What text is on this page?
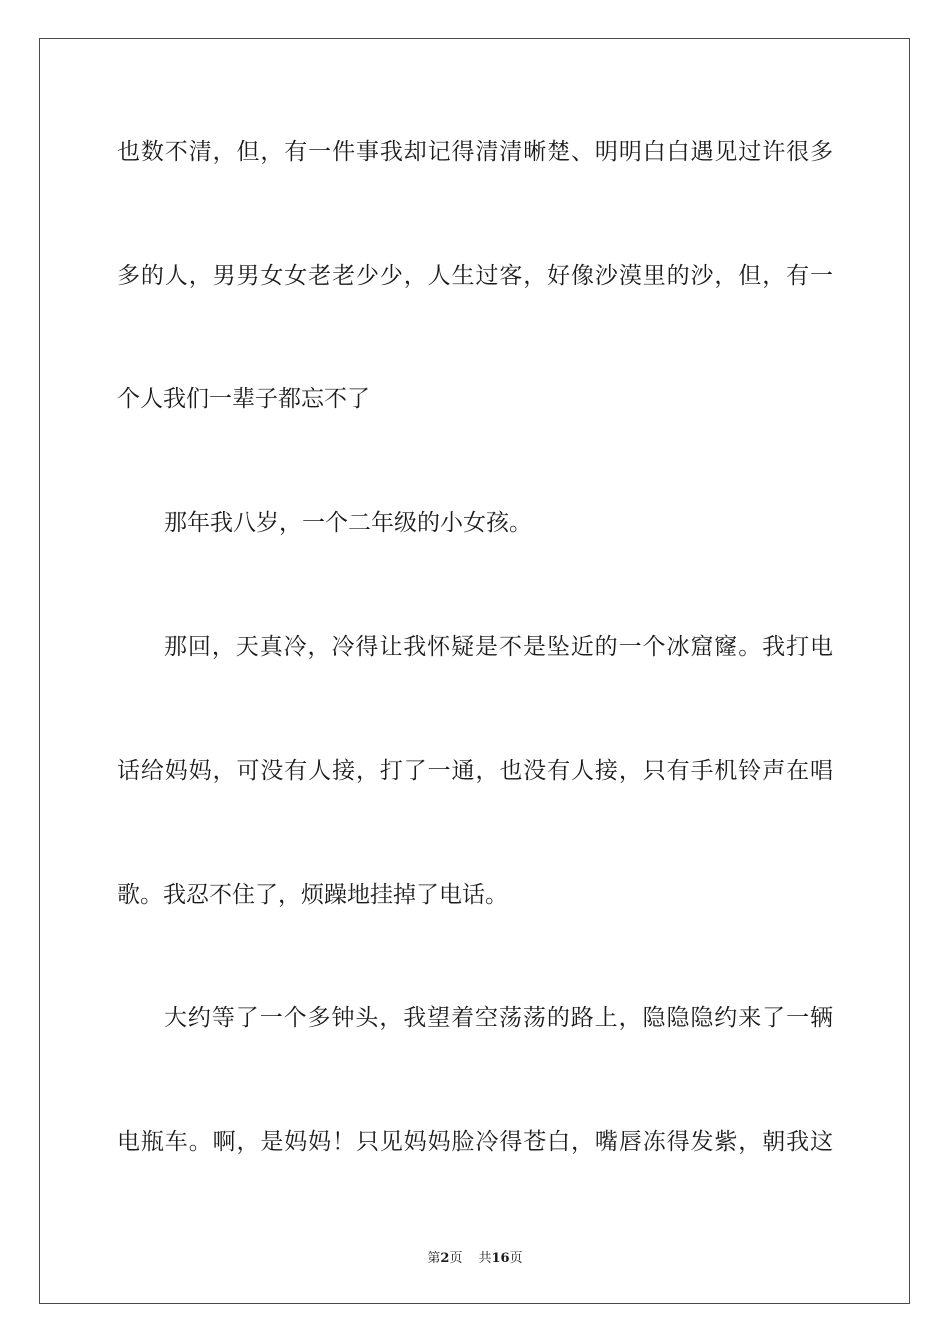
也数不清，但，有一件事我却记得清清晰楚、明明白白遇见过许很多
多的人，男男女女老老少少，人生过客，好像沙漠里的沙，但，有一
个人我们一辈子都忘不了
那年我八岁，一个二年级的小女孩。
那回，天真冷，冷得让我怀疑是不是坠近的一个冰窟窿。我打电
话给妈妈，可没有人接，打了一通，也没有人接，只有手机铃声在唱
歌。我忍不住了，烦躁地挂掉了电话。
大约等了一个多钟头，我望着空荡荡的路上，隐隐隐约来了一辆
电瓶车。啊，是妈妈！只见妈妈脸冷得苍白，嘴唇冻得发紫，朝我这
第2页 共16页
